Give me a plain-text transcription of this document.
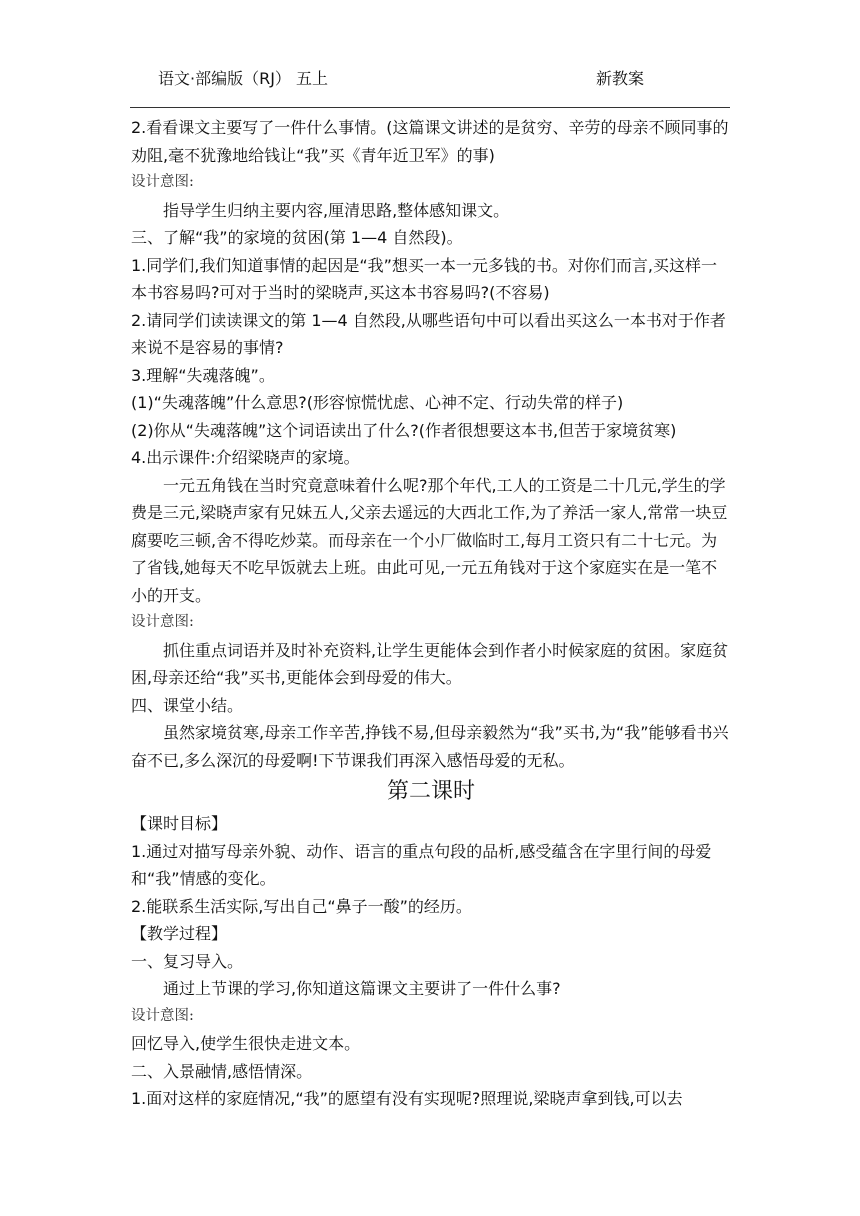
语文·部编版（RJ） 五上	新教案

2.看看课文主要写了一件什么事情。(这篇课文讲述的是贫穷、辛劳的母亲不顾同事的劝阻,毫不犹豫地给钱让“我”买《青年近卫军》的事)

设计意图:

指导学生归纳主要内容,厘清思路,整体感知课文。

三、了解“我”的家境的贫困(第 1—4 自然段)。

1.同学们,我们知道事情的起因是“我”想买一本一元多钱的书。对你们而言,买这样一本书容易吗?可对于当时的梁晓声,买这本书容易吗?(不容易)

2.请同学们读读课文的第 1—4 自然段,从哪些语句中可以看出买这么一本书对于作者来说不是容易的事情?

3.理解“失魂落魄”。

(1)“失魂落魄”什么意思?(形容惊慌忧虑、心神不定、行动失常的样子)

(2)你从“失魂落魄”这个词语读出了什么?(作者很想要这本书,但苦于家境贫寒)

4.出示课件:介绍梁晓声的家境。

一元五角钱在当时究竟意味着什么呢?那个年代,工人的工资是二十几元,学生的学费是三元,梁晓声家有兄妹五人,父亲去遥远的大西北工作,为了养活一家人,常常一块豆腐要吃三顿,舍不得吃炒菜。而母亲在一个小厂做临时工,每月工资只有二十七元。为了省钱,她每天不吃早饭就去上班。由此可见,一元五角钱对于这个家庭实在是一笔不小的开支。

设计意图:

抓住重点词语并及时补充资料,让学生更能体会到作者小时候家庭的贫困。家庭贫困,母亲还给“我”买书,更能体会到母爱的伟大。

四、课堂小结。

虽然家境贫寒,母亲工作辛苦,挣钱不易,但母亲毅然为“我”买书,为“我”能够看书兴奋不已,多么深沉的母爱啊!下节课我们再深入感悟母爱的无私。

第二课时

【课时目标】

1.通过对描写母亲外貌、动作、语言的重点句段的品析,感受蕴含在字里行间的母爱和“我”情感的变化。

2.能联系生活实际,写出自己“鼻子一酸”的经历。

【教学过程】

一、复习导入。

通过上节课的学习,你知道这篇课文主要讲了一件什么事?

设计意图:

回忆导入,使学生很快走进文本。

二、入景融情,感悟情深。

1.面对这样的家庭情况,“我”的愿望有没有实现呢?照理说,梁晓声拿到钱,可以去
